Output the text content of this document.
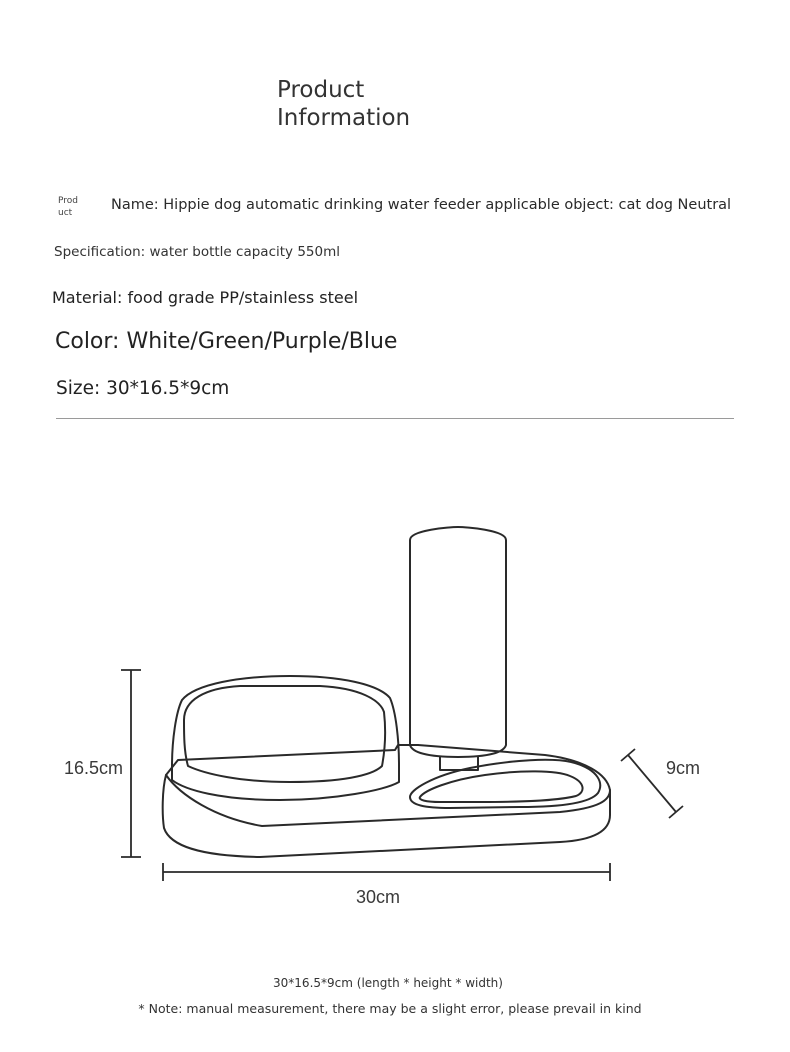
Product
Information
Prod
uct	Name: Hippie dog automatic drinking water feeder applicable object: cat dog Neutral
Specification: water bottle capacity 550ml
Material: food grade PP/stainless steel
Color: White/Green/Purple/Blue
Size: 30*16.5*9cm
16.5cm
30cm
9cm
30*16.5*9cm (length * height * width)
* Note: manual measurement, there may be a slight error, please prevail in kind
